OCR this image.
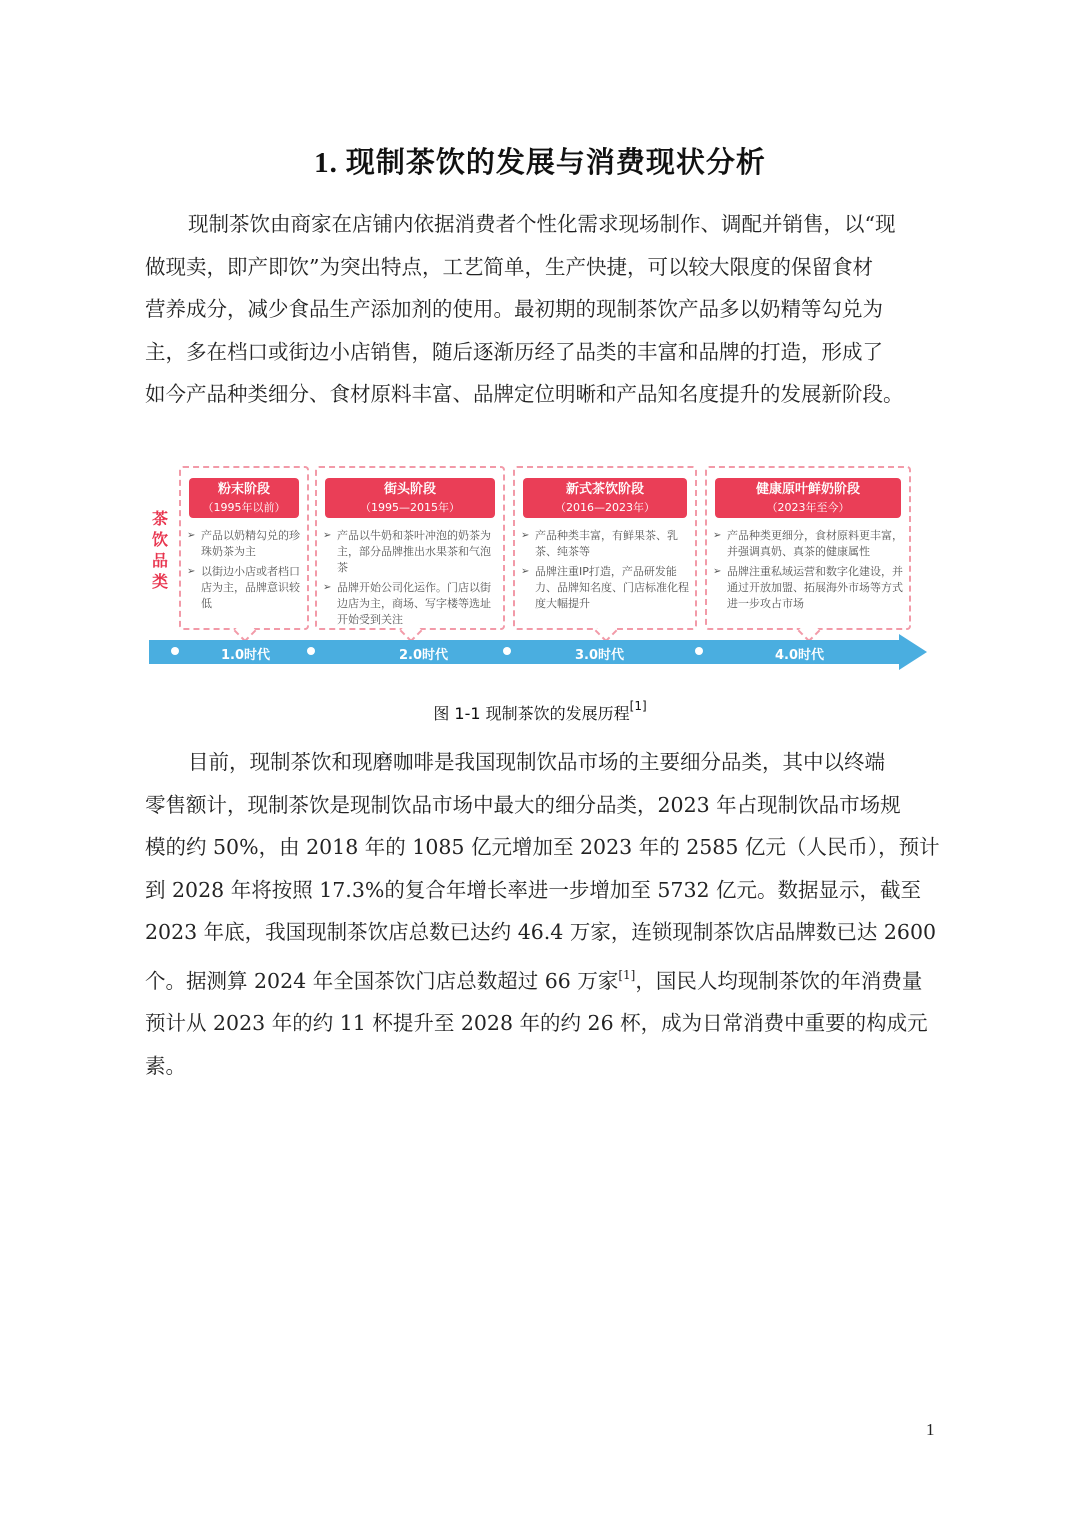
1. 现制茶饮的发展与消费现状分析
现制茶饮由商家在店铺内依据消费者个性化需求现场制作、调配并销售，以“现
做现卖，即产即饮”为突出特点，工艺简单，生产快捷，可以较大限度的保留食材
营养成分，减少食品生产添加剂的使用。最初期的现制茶饮产品多以奶精等勾兑为
主，多在档口或街边小店销售，随后逐渐历经了品类的丰富和品牌的打造，形成了
如今产品种类细分、食材原料丰富、品牌定位明晰和产品知名度提升的发展新阶段。
茶饮品类
粉末阶段
（1995年以前）
➢ 产品以奶精勾兑的珍珠奶茶为主
➢ 以街边小店或者档口店为主，品牌意识较低
街头阶段
（1995—2015年）
➢ 产品以牛奶和茶叶冲泡的奶茶为主，部分品牌推出水果茶和气泡茶
➢ 品牌开始公司化运作。门店以街边店为主，商场、写字楼等选址开始受到关注
新式茶饮阶段
（2016—2023年）
➢ 产品种类丰富，有鲜果茶、乳茶、纯茶等
➢ 品牌注重IP打造，产品研发能力、品牌知名度、门店标准化程度大幅提升
健康原叶鲜奶阶段
（2023年至今）
➢ 产品种类更细分，食材原料更丰富，并强调真奶、真茶的健康属性
➢ 品牌注重私域运营和数字化建设，并通过开放加盟、拓展海外市场等方式进一步攻占市场
1.0时代	2.0时代	3.0时代	4.0时代
图 1-1 现制茶饮的发展历程[1]
目前，现制茶饮和现磨咖啡是我国现制饮品市场的主要细分品类，其中以终端
零售额计，现制茶饮是现制饮品市场中最大的细分品类，2023 年占现制饮品市场规
模的约 50%，由 2018 年的 1085 亿元增加至 2023 年的 2585 亿元（人民币），预计
到 2028 年将按照 17.3%的复合年增长率进一步增加至 5732 亿元。数据显示，截至
2023 年底，我国现制茶饮店总数已达约 46.4 万家，连锁现制茶饮店品牌数已达 2600
个。据测算 2024 年全国茶饮门店总数超过 66 万家[1]，国民人均现制茶饮的年消费量
预计从 2023 年的约 11 杯提升至 2028 年的约 26 杯，成为日常消费中重要的构成元
素。
1
